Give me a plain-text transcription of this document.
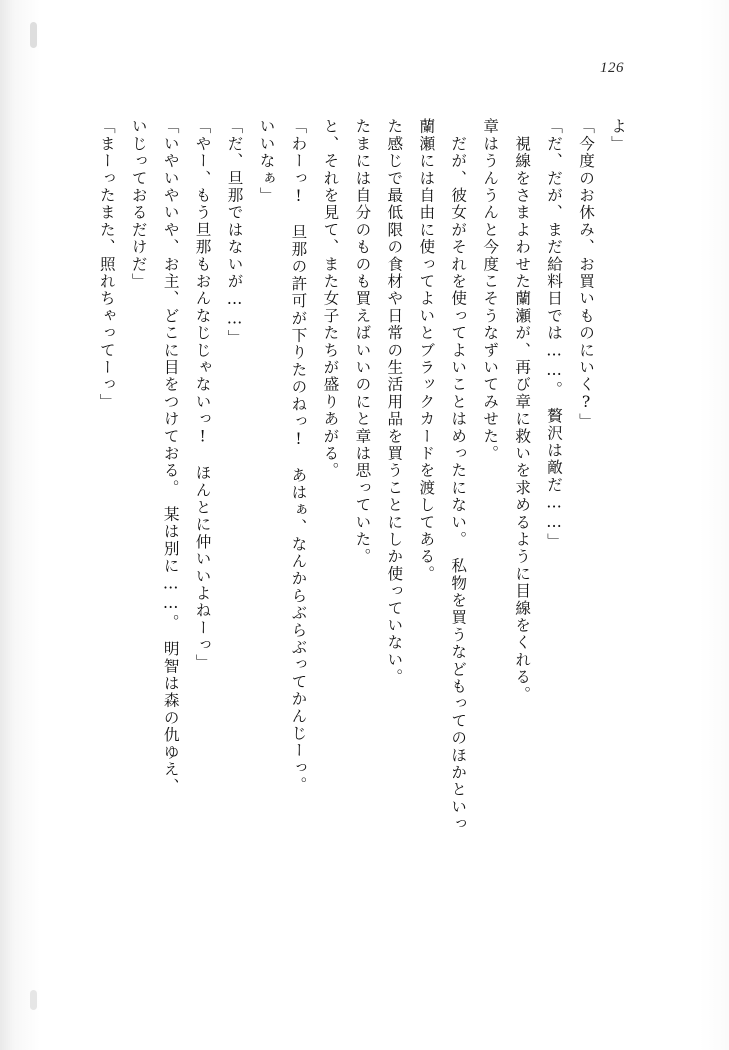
126
よ」
「今度のお休み、お買いものにいく?」
「だ、だが、まだ給料日では……。　贅沢は敵だ……」
　視線をさまよわせた蘭瀬が、再び章に救いを求めるように目線をくれる。
章はうんうんと今度こそうなずいてみせた。
　だが、彼女がそれを使ってよいことはめったにない。　私物を買うなどもってのほかといっ
蘭瀬には自由に使ってよいとブラックカードを渡してある。
た感じで最低限の食材や日常の生活用品を買うことにしか使っていない。
たまには自分のものも買えばいいのにと章は思っていた。
と、それを見て、また女子たちが盛りあがる。
「わーっ!　旦那の許可が下りたのねっ!　あはぁ、なんからぶらぶってかんじーっ。
いいなぁ」
「だ、旦那ではないが……」
「やー、もう旦那もおんなじじゃないっ!　ほんとに仲いいよねーっ」
「いやいやいや、お主、どこに目をつけておる。　某は別に……。　明智は森の仇ゆえ、
いじっておるだけだ」
「まーったまた、照れちゃってーっ」
